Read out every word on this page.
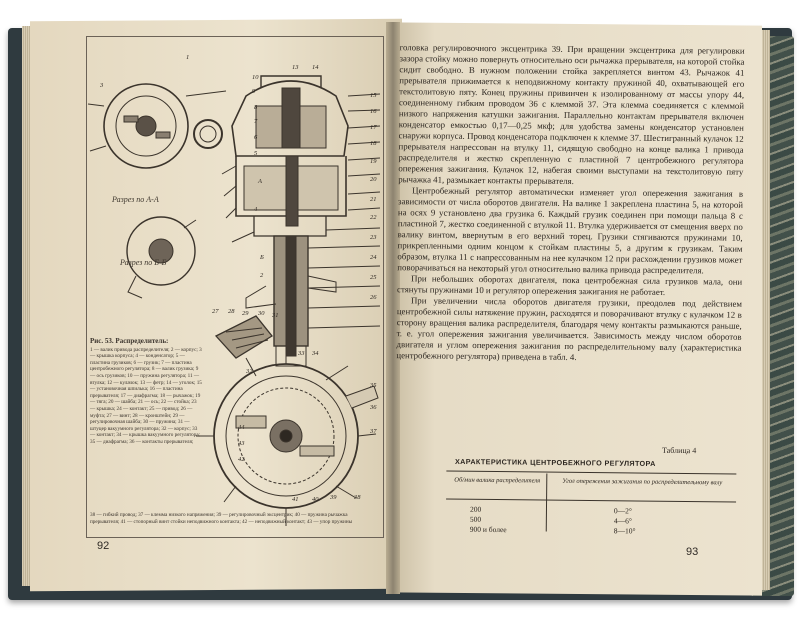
3
10
9
8
7
6
5
1
13 14
15
16
17
18
19
20
A
4
Б
2
21
22
23
24
25
26
27 28 29 30 31
32
33 34
35
36
37
38
39
40
41
42
43
44
Разрез по А-А
Разрез по Б-Б
Рис. 53. Распределитель:
1 — валик привода распределителя; 2 — корпус; 3 — крышка корпуса; 4 — конденсатор; 5 — пластина грузиков; 6 — грузик; 7 — пластина центробежного регулятора; 8 — валик грузика; 9 — ось грузиков; 10 — пружина регулятора; 11 — втулка; 12 — кулачок; 13 — фетр; 14 — уголок; 15 — установочная шпилька; 16 — пластина прерывателя; 17 — диафрагма; 18 — рычажок; 19 — тяга; 20 — шайба; 21 — ось; 22 — стойка; 23 — крышка; 24 — контакт; 25 — привод; 26 — муфта; 27 — винт; 28 — кронштейн; 29 — регулировочная шайба; 30 — пружина; 31 — штуцер вакуумного регулятора; 32 — корпус; 33 — контакт; 34 — крышка вакуумного регулятора; 35 — диафрагма; 36 — контакты прерывателя;
38 — гибкий провод; 37 — клемма низкого напряжения; 39 — регулировочный эксцентрик; 40 — пружина рычажка прерывателя; 41 — стопорный винт стойки неподвижного контакта; 42 — неподвижный контакт; 43 — упор пружины
92

головка регулировочного эксцентрика 39. При вращении эксцентрика для регулировки зазора стойку можно повернуть относительно оси рычажка прерывателя, на которой стойка сидит свободно. В нужном положении стойка закрепляется винтом 43. Рычажок 41 прерывателя прижимается к неподвижному контакту пружиной 40, охватывающей его текстолитовую пяту. Конец пружины привинчен к изолированному от массы упору 44, соединенному гибким проводом 36 с клеммой 37. Эта клемма соединяется с клеммой низкого напряжения катушки зажигания. Параллельно контактам прерывателя включен конденсатор емкостью 0,17—0,25 мкф; для удобства замены конденсатор установлен снаружи корпуса. Провод конденсатора подключен к клемме 37. Шестигранный кулачок 12 прерывателя напрессован на втулку 11, сидящую свободно на конце валика 1 привода распределителя и жестко скрепленную с пластиной 7 центробежного регулятора опережения зажигания. Кулачок 12, набегая своими выступами на текстолитовую пяту рычажка 41, размыкает контакты прерывателя.

Центробежный регулятор автоматически изменяет угол опережения зажигания в зависимости от числа оборотов двигателя. На валике 1 закреплена пластина 5, на которой на осях 9 установлено два грузика 6. Каждый грузик соединен при помощи пальца 8 с пластиной 7, жестко соединенной с втулкой 11. Втулка удерживается от смещения вверх по валику винтом, ввернутым в его верхний торец. Грузики стягиваются пружинами 10, прикрепленными одним концом к стойкам пластины 5, а другим к грузикам. Таким образом, втулка 11 с напрессованным на нее кулачком 12 при расхождении грузиков может поворачиваться на некоторый угол относительно валика привода распределителя.

При небольших оборотах двигателя, пока центробежная сила грузиков мала, они стянуты пружинами 10 и регулятор опережения зажигания не работает.

При увеличении числа оборотов двигателя грузики, преодолев под действием центробежной силы натяжение пружин, расходятся и поворачивают втулку с кулачком 12 в сторону вращения валика распределителя, благодаря чему контакты размыкаются раньше, т. е. угол опережения зажигания увеличивается. Зависимость между числом оборотов двигателя и углом опережения зажигания по распределительному валу (характеристика центробежного регулятора) приведена в табл. 4.

Таблица 4
ХАРАКТЕРИСТИКА ЦЕНТРОБЕЖНОГО РЕГУЛЯТОРА
Об/мин валика распределителя	Угол опережения зажигания по распределительному валу
200	0—2°
500	4—6°
900 и более	8—10°
93
